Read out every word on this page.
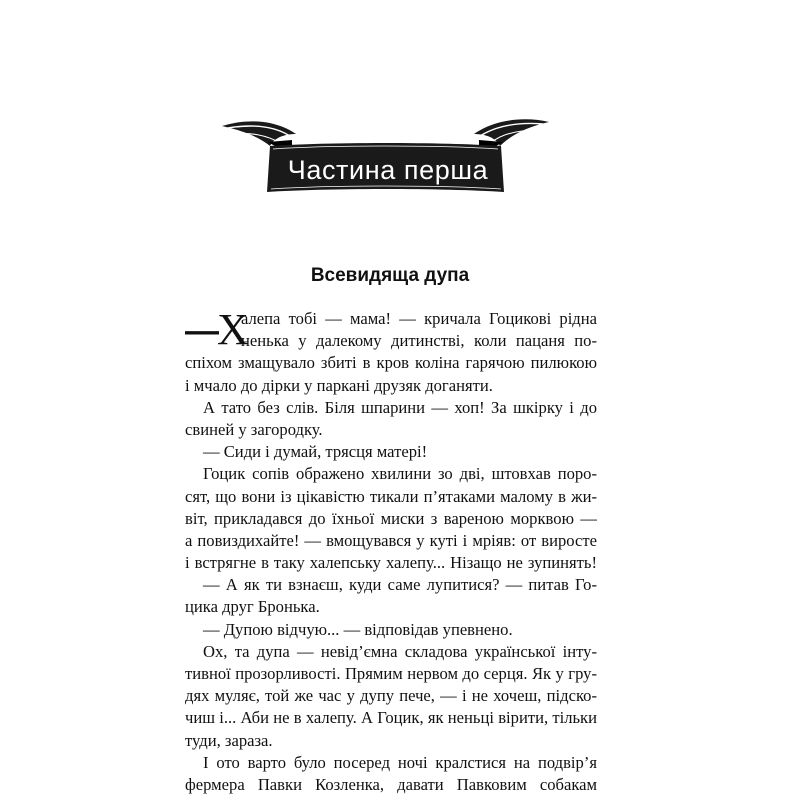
Частина перша
Всевидяща дупа
—
Х
алепа тобі — мама! — кричала Гоциковi рідна
ненька у далекому дитинстві, коли пацаня по-
спіхом змащувало збиті в кров коліна гарячою пилюкою
і мчало до дірки у паркані друзяк доганяти.
А тато без слів. Біля шпарини — хоп! За шкірку і до
свиней у загородку.
— Сиди і думай, трясця матері!
Гоцик сопів ображено хвилини зо дві, штовхав поро-
сят, що вони із цікавістю тикали п’ятаками малому в жи-
віт, прикладався до їхньої миски з вареною морквою —
а повиздихайте! — вмощувався у куті і мріяв: от виросте
і встрягне в таку халепську халепу... Нізащо не зупинять!
— А як ти взнаєш, куди саме лупитися? — питав Го-
цика друг Бронька.
— Дупою відчую... — відповідав упевнено.
Ох, та дупа — невід’ємна складова української інту-
тивної прозорливості. Прямим нервом до серця. Як у гру-
дях муляє, той же час у дупу пече, — і не хочеш, підско-
чиш і... Аби не в халепу. А Гоцик, як неньці вірити, тільки
туди, зараза.
І ото варто було посеред ночі кралстися на подвір’я
фермера Павки Козленка, давати Павковим собакам
